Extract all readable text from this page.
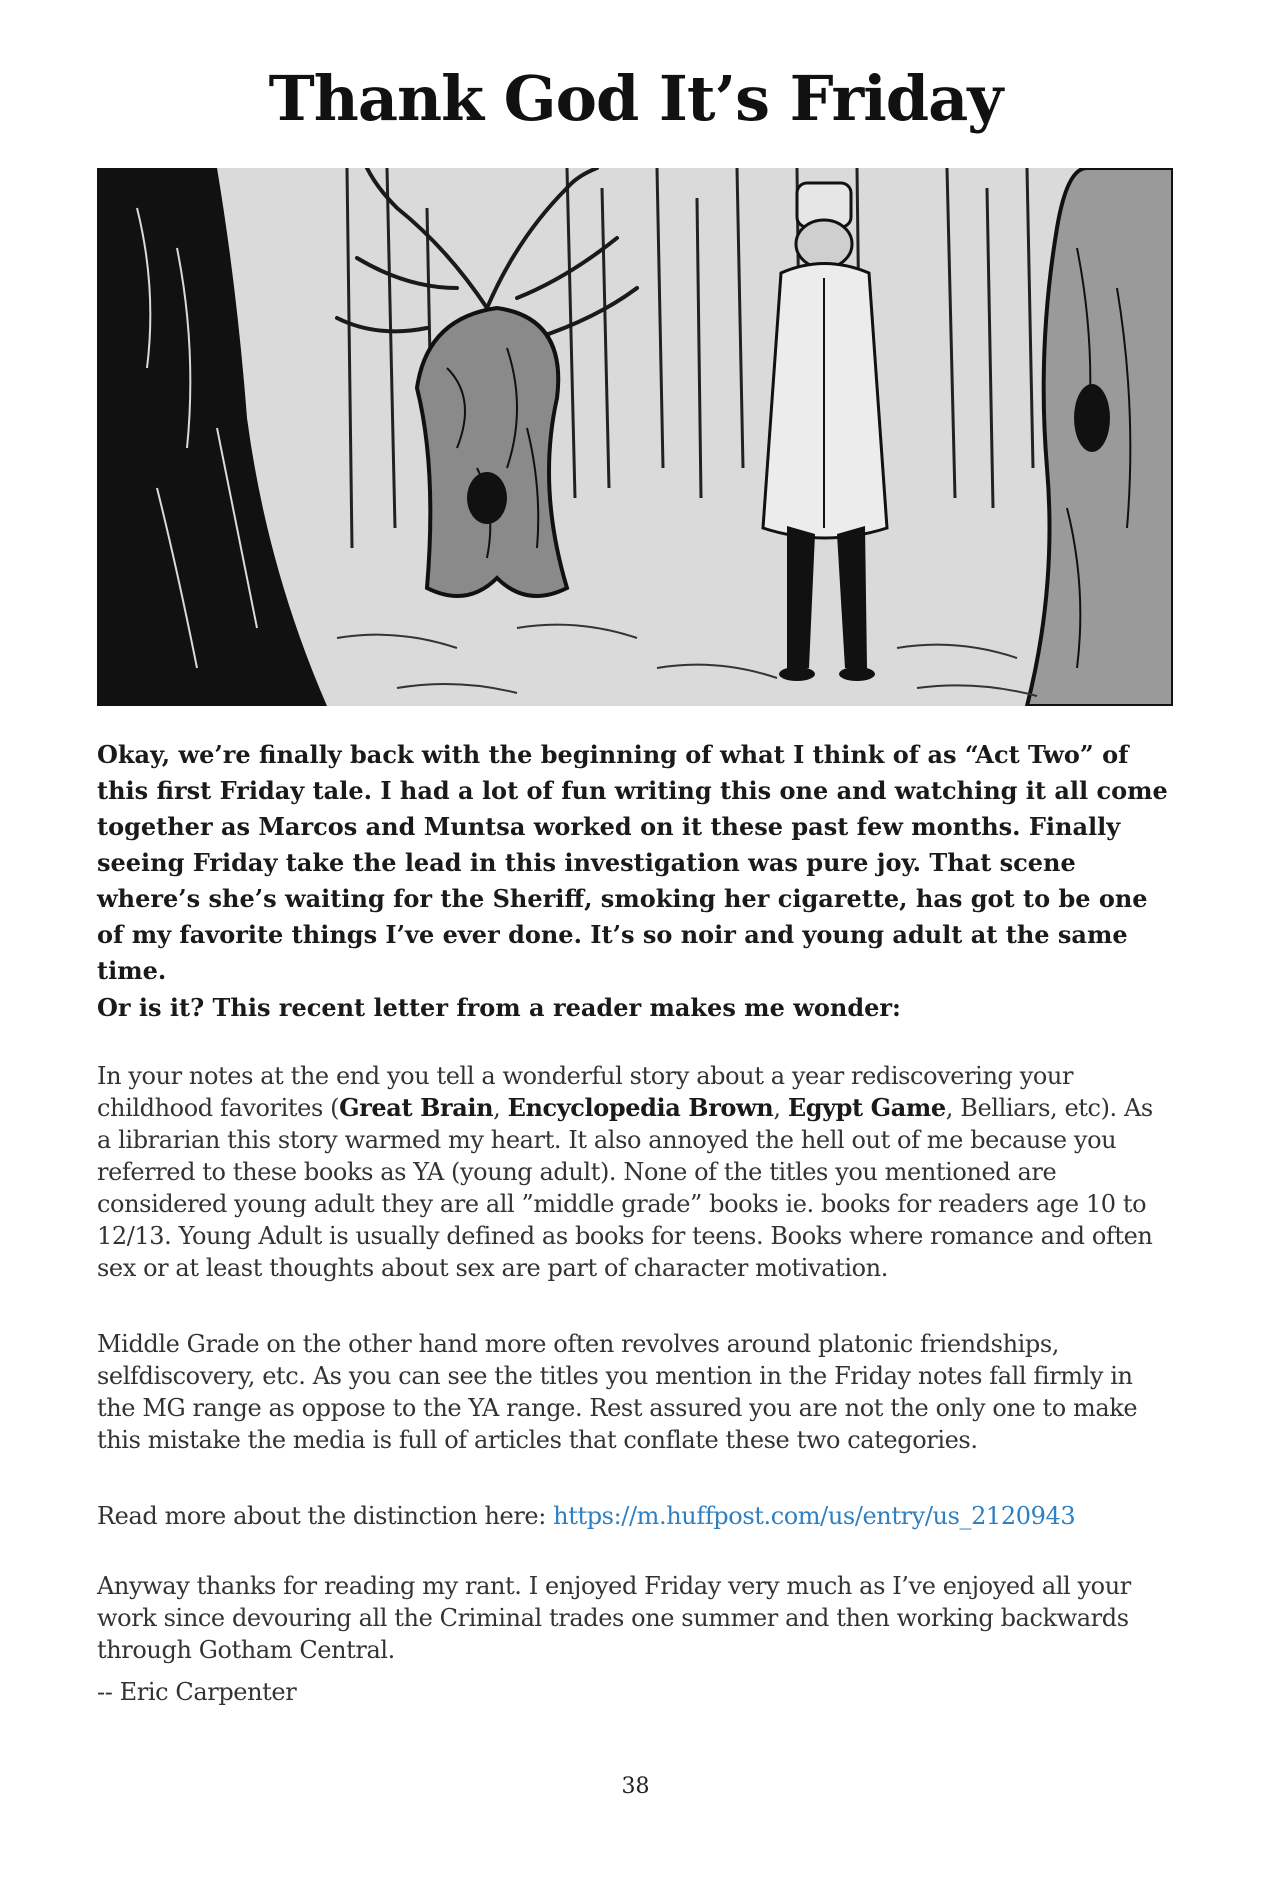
Thank God It’s Friday

Okay, we’re finally back with the beginning of what I think of as “Act Two” of this first Friday tale. I had a lot of fun writing this one and watching it all come together as Marcos and Muntsa worked on it these past few months. Finally seeing Friday take the lead in this investigation was pure joy. That scene where’s she’s waiting for the Sheriff, smoking her cigarette, has got to be one of my favorite things I’ve ever done. It’s so noir and young adult at the same time.

Or is it? This recent letter from a reader makes me wonder:

In your notes at the end you tell a wonderful story about a year rediscovering your childhood favorites (Great Brain, Encyclopedia Brown, Egypt Game, Belliars, etc). As a librarian this story warmed my heart. It also annoyed the hell out of me because you referred to these books as YA (young adult). None of the titles you mentioned are considered young adult they are all ”middle grade” books ie. books for readers age 10 to 12/13. Young Adult is usually defined as books for teens. Books where romance and often sex or at least thoughts about sex are part of character motivation.

Middle Grade on the other hand more often revolves around platonic friendships, selfdiscovery, etc. As you can see the titles you mention in the Friday notes fall firmly in the MG range as oppose to the YA range. Rest assured you are not the only one to make this mistake the media is full of articles that conflate these two categories.

Read more about the distinction here: https://m.huffpost.com/us/entry/us_2120943

Anyway thanks for reading my rant. I enjoyed Friday very much as I’ve enjoyed all your work since devouring all the Criminal trades one summer and then working backwards through Gotham Central.

-- Eric Carpenter

38
